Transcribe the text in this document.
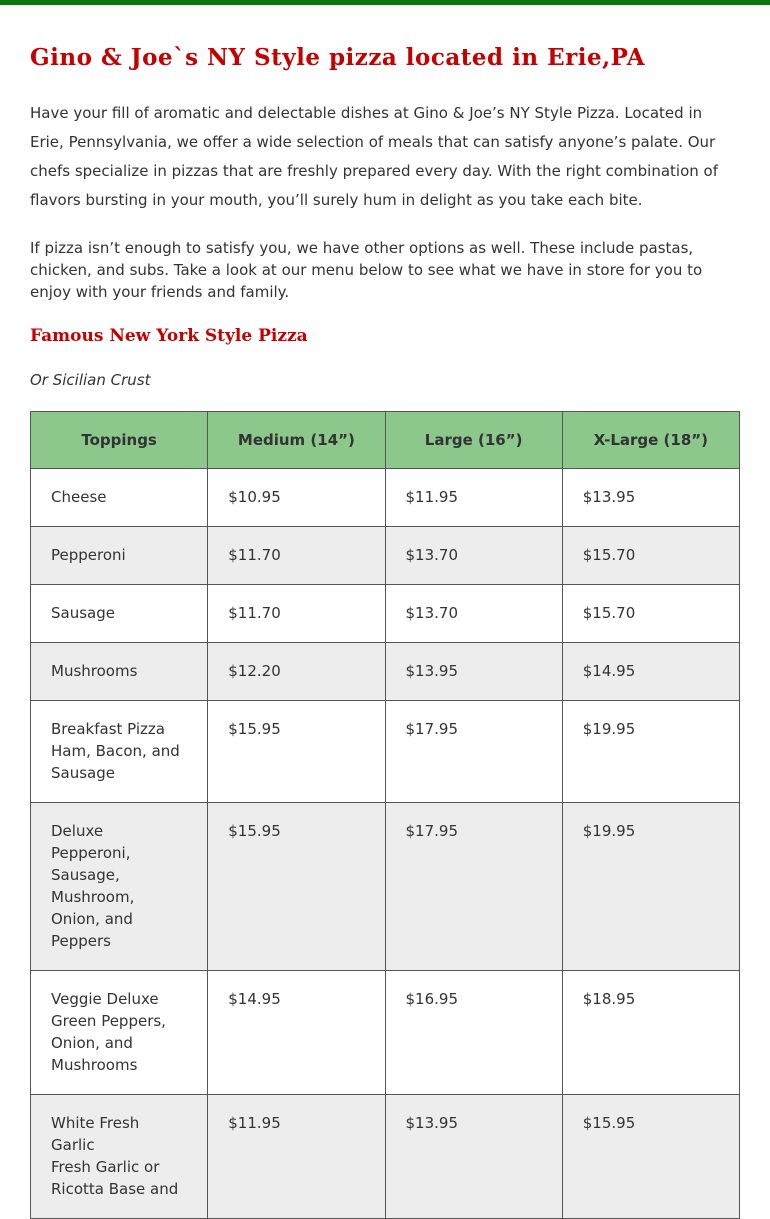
Gino & Joe`s NY Style pizza located in Erie,PA

Have your fill of aromatic and delectable dishes at Gino & Joe’s NY Style Pizza. Located in Erie, Pennsylvania, we offer a wide selection of meals that can satisfy anyone’s palate. Our chefs specialize in pizzas that are freshly prepared every day. With the right combination of flavors bursting in your mouth, you’ll surely hum in delight as you take each bite.

If pizza isn’t enough to satisfy you, we have other options as well. These include pastas, chicken, and subs. Take a look at our menu below to see what we have in store for you to enjoy with your friends and family.

Famous New York Style Pizza

Or Sicilian Crust

Toppings	Medium (14”)	Large (16”)	X-Large (18”)
Cheese	$10.95	$11.95	$13.95
Pepperoni	$11.70	$13.70	$15.70
Sausage	$11.70	$13.70	$15.70
Mushrooms	$12.20	$13.95	$14.95

Breakfast Pizza
Ham, Bacon, and Sausage	$15.95	$17.95	$19.95

Deluxe
Pepperoni, Sausage, Mushroom, Onion, and Peppers	$15.95	$17.95	$19.95

Veggie Deluxe
Green Peppers, Onion, and Mushrooms	$14.95	$16.95	$18.95

White Fresh Garlic
Fresh Garlic or Ricotta Base and	$11.95	$13.95	$15.95
